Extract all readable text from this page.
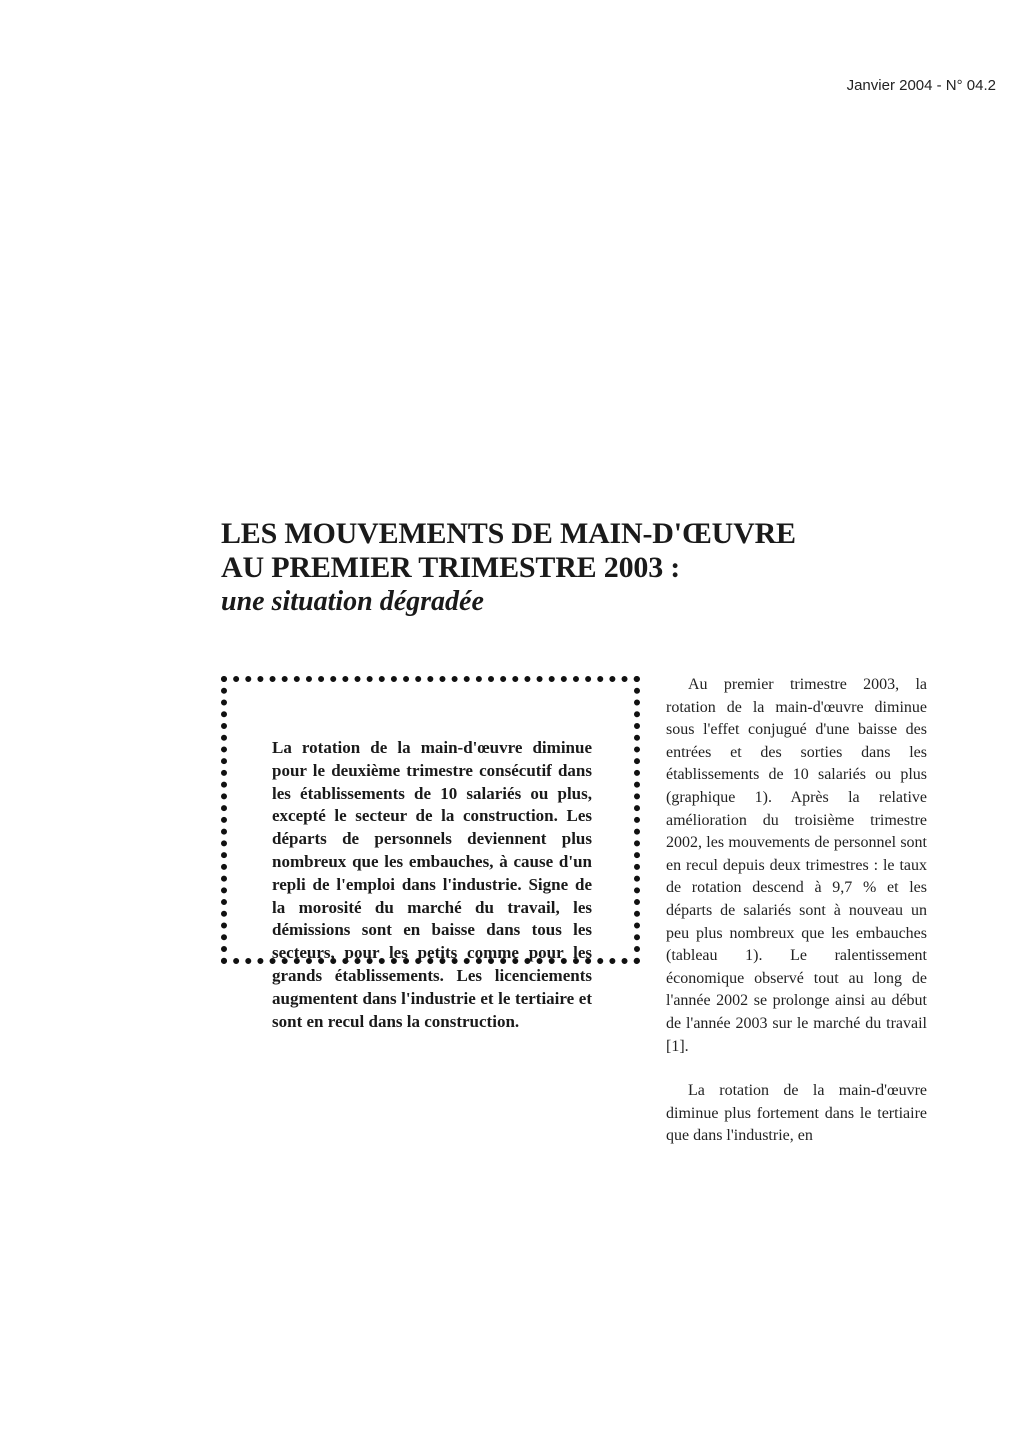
Janvier 2004 - N° 04.2
LES MOUVEMENTS DE MAIN-D'ŒUVRE
AU PREMIER TRIMESTRE 2003 :
une situation dégradée

La rotation de la main-d'œuvre diminue pour le deuxième trimestre consécutif dans les établissements de 10 salariés ou plus, excepté le secteur de la construction. Les départs de personnels deviennent plus nombreux que les embauches, à cause d'un repli de l'emploi dans l'industrie. Signe de la morosité du marché du travail, les démissions sont en baisse dans tous les secteurs, pour les petits comme pour les grands établissements. Les licenciements augmentent dans l'industrie et le tertiaire et sont en recul dans la construction.

Au premier trimestre 2003, la rotation de la main-d'œuvre diminue sous l'effet conjugué d'une baisse des entrées et des sorties dans les établissements de 10 salariés ou plus (graphique 1). Après la relative amélioration du troisième trimestre 2002, les mouvements de personnel sont en recul depuis deux trimestres : le taux de rotation descend à 9,7 % et les départs de salariés sont à nouveau un peu plus nombreux que les embauches (tableau 1). Le ralentissement économique observé tout au long de l'année 2002 se prolonge ainsi au début de l'année 2003 sur le marché du travail [1].

La rotation de la main-d'œuvre diminue plus fortement dans le tertiaire que dans l'industrie, en
